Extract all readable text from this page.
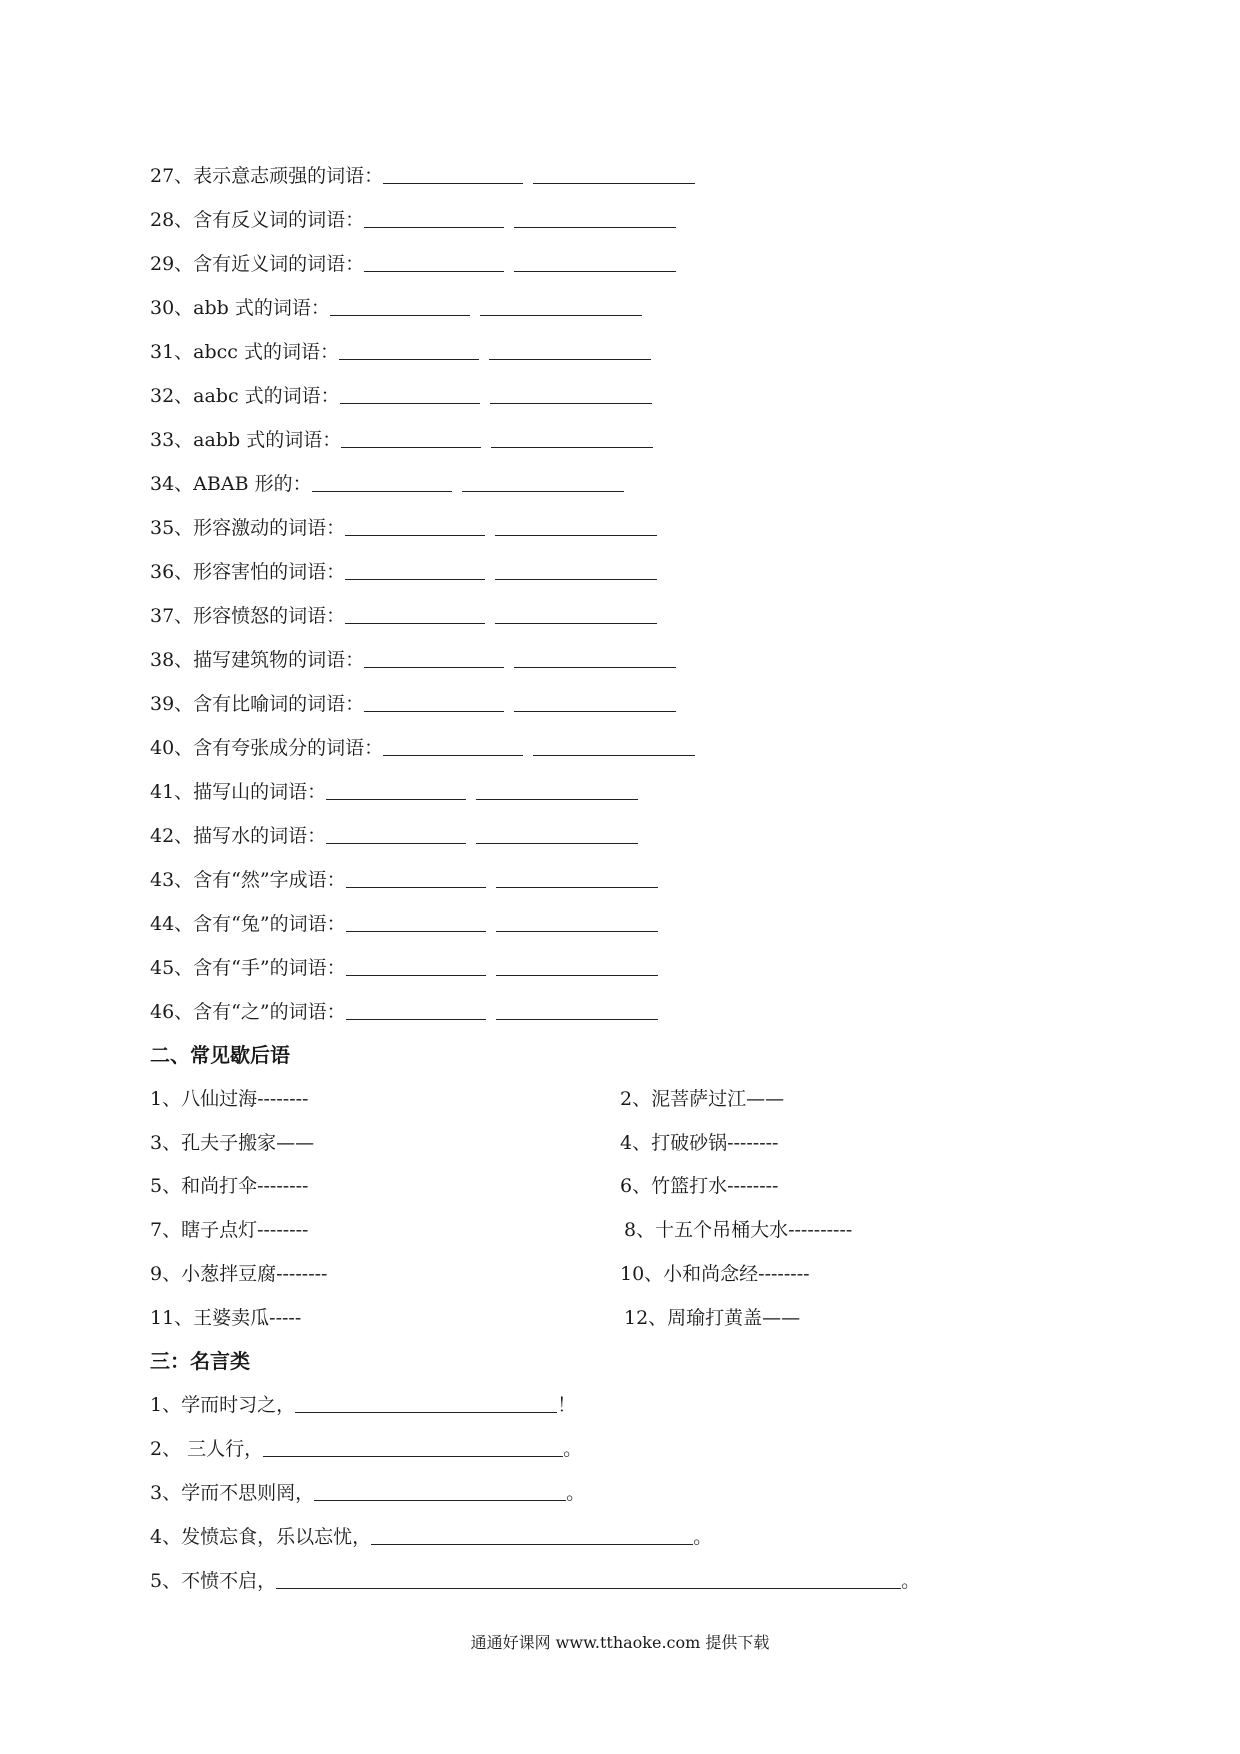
27、表示意志顽强的词语：
28、含有反义词的词语：
29、含有近义词的词语：
30、abb 式的词语：
31、abcc 式的词语：
32、aabc 式的词语：
33、aabb 式的词语：
34、ABAB 形的：
35、形容激动的词语：
36、形容害怕的词语：
37、形容愤怒的词语：
38、描写建筑物的词语：
39、含有比喻词的词语：
40、含有夸张成分的词语：
41、描写山的词语：
42、描写水的词语：
43、含有“然”字成语：
44、含有“兔”的词语：
45、含有“手”的词语：
46、含有“之”的词语：
二、常见歇后语
1、八仙过海--------	2、泥菩萨过江——
3、孔夫子搬家——	4、打破砂锅--------
5、和尚打伞--------	6、竹篮打水--------
7、瞎子点灯--------	8、十五个吊桶大水----------
9、小葱拌豆腐--------	10、小和尚念经--------
11、王婆卖瓜-----	12、周瑜打黄盖——
三：名言类
1、学而时习之，	！
2、 三人行，	。
3、学而不思则罔，	。
4、发愤忘食，乐以忘忧，	。
5、不愤不启，	。
通通好课网 www.tthaoke.com 提供下载
